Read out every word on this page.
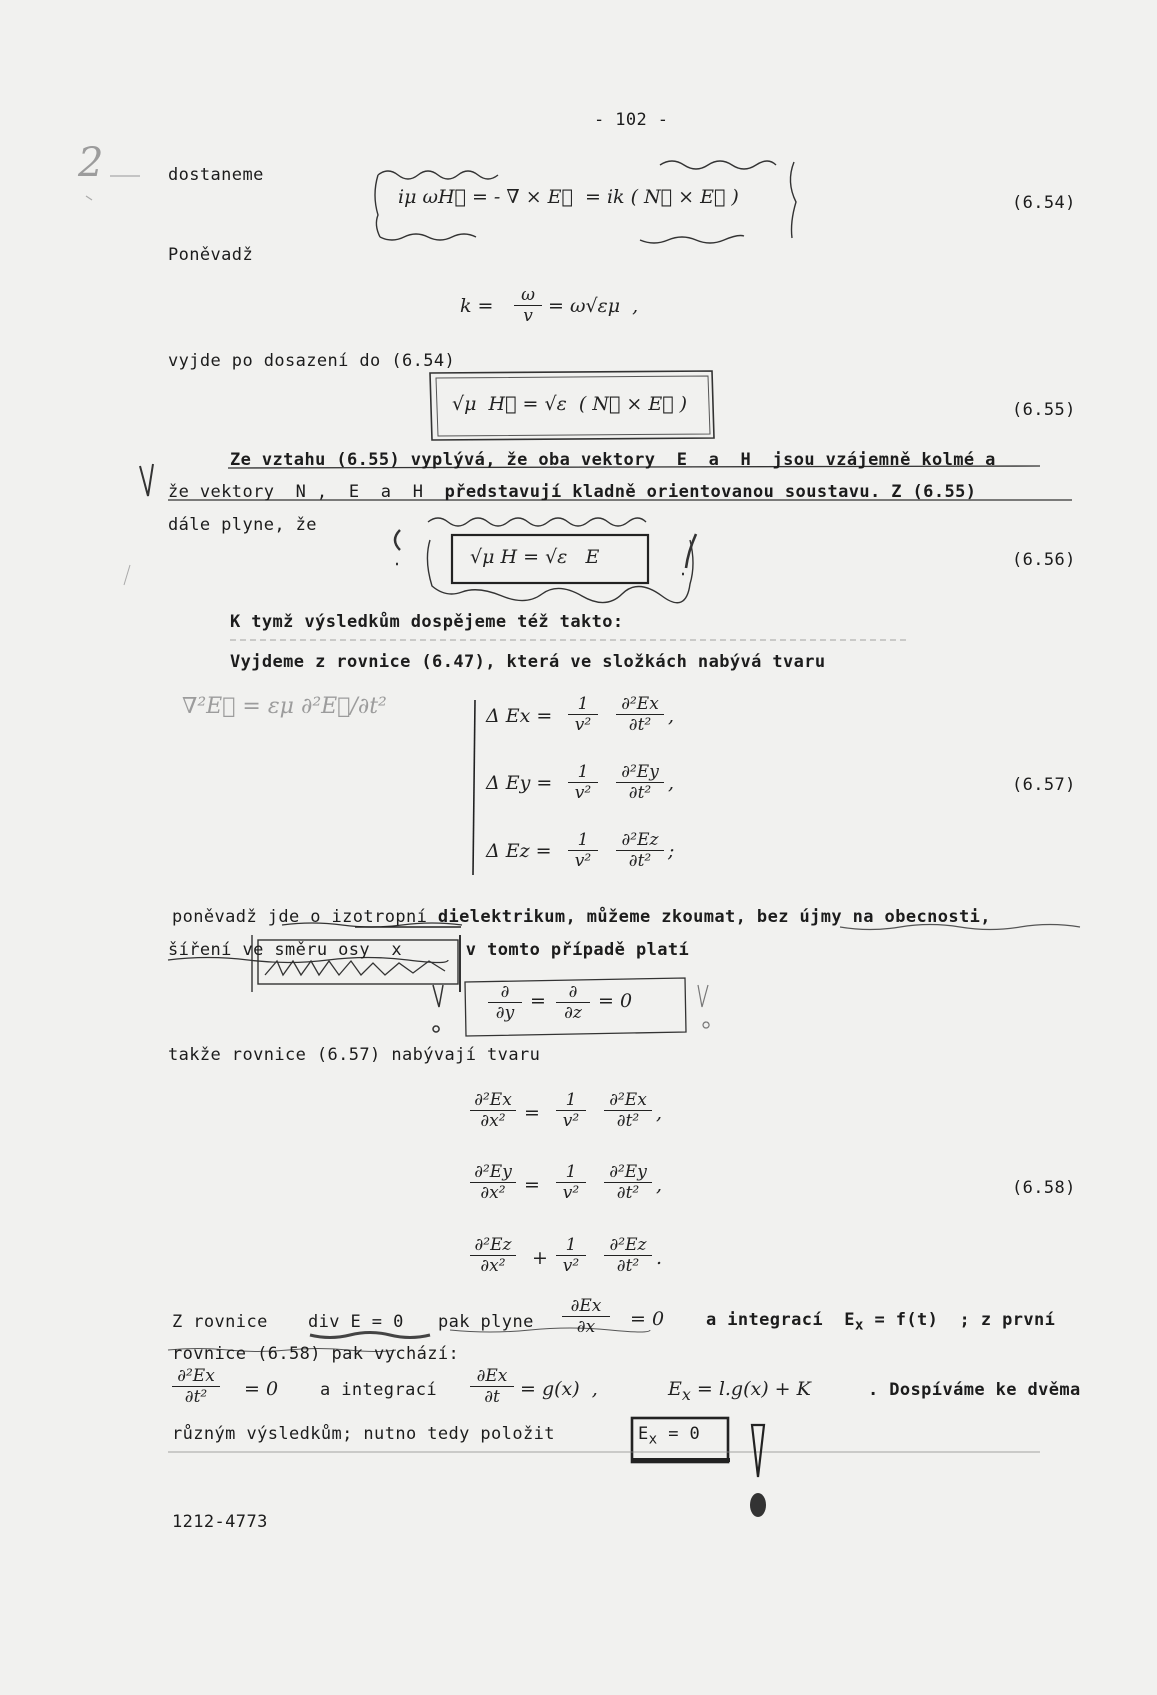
- 102 -
2	dostaneme
iμ ωH⃗ = - ∇ × E⃗  = ik ( N⃗ × E⃗ )	(6.54)
Poněvadž
$k = \frac{\omega}{v} = \omega√\varepsilon\mu$  ,
vyjde po dosazení do (6.54)
√μ  H⃗ = √ε  ( N⃗ × E⃗ )	(6.55)
Ze vztahu (6.55) vyplývá, že oba vektory E a H jsou vzájemně kolmé a
že vektory N , E a H představují kladně orientovanou soustavu. Z (6.55)
dále plyne, že
√μ H = √ε   E	(6.56)
K tymž výsledkům dospějeme též takto:
Vyjdeme z rovnice (6.47), která ve složkách nabývá tvaru
∇²E⃗ = εμ ∂²E⃗/∂t²	Δ $Ex = \frac{1}{\text{v²}} \frac{\text{∂²Ex}}{\text{∂t²}}$ ,
Δ $Ey = \frac{1}{\text{v²}} \frac{\text{∂²Ey}}{\text{∂t²}}$ ,	(6.57)
Δ $Ez = \frac{1}{\text{v²}} \frac{\text{∂²Ez}}{\text{∂t²}}$ ;
poněvadž jde o izotropní dielektrikum, můžeme zkoumat, bez újmy na obecnosti,
šíření ve směru osy  x	v tomto případě platí
∂
∂y
=	∂
∂z
= 0
takže rovnice (6.57) nabývají tvaru
$\frac{\text{∂²Ex}}{\text{∂x²}} = \frac{1}{\text{v²}} \frac{\text{∂²Ex}}{\text{∂t²}}$ ,
$\frac{\text{∂²Ey}}{\text{∂x²}} = \frac{1}{\text{v²}} \frac{\text{∂²Ey}}{\text{∂t²}}$ ,	(6.58)
$\frac{\text{∂²Ez}}{\text{∂x²}} + \frac{1}{\text{v²}} \frac{\text{∂²Ez}}{\text{∂t²}}$ .
Z rovnice div E = 0 pak plyne $\frac{\partial Ex}{\partial x} = 0$ a integrací  $E_x = f(t)$  ; z první
rovnice (6.58) pak vychází:
$\frac{\text{∂²Ex}}{\text{∂t²}} = 0$ a integrací $\frac{\partial Ex}{\partial t} = g(x)$  ,	$E_x = l.g(x) + K$	. Dospíváme ke dvěma
různým výsledkům; nutno tedy položit	$E_x = 0$
1212-4773
